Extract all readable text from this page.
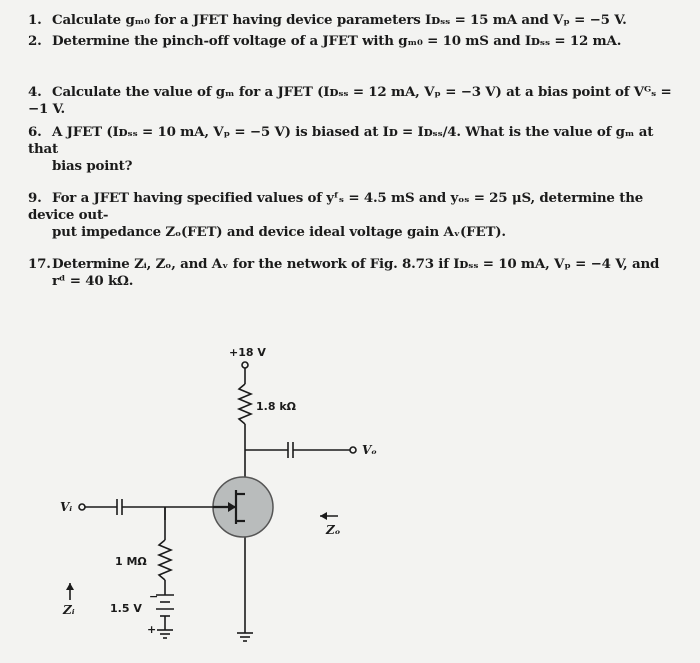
1. Calculate gₘ₀ for a JFET having device parameters Iᴅₛₛ = 15 mA and Vₚ = −5 V.
2. Determine the pinch-off voltage of a JFET with gₘ₀ = 10 mS and Iᴅₛₛ = 12 mA.
4. Calculate the value of gₘ for a JFET (Iᴅₛₛ = 12 mA, Vₚ = −3 V) at a bias point of Vᴳₛ = −1 V.
6. A JFET (Iᴅₛₛ = 10 mA, Vₚ = −5 V) is biased at Iᴅ = Iᴅₛₛ/4. What is the value of gₘ at that
bias point?
9. For a JFET having specified values of yᶠₛ = 4.5 mS and yₒₛ = 25 μS, determine the device out-
put impedance Zₒ(FET) and device ideal voltage gain Aᵥ(FET).
17.Determine Zᵢ, Zₒ, and Aᵥ for the network of Fig. 8.73 if Iᴅₛₛ = 10 mA, Vₚ = −4 V, and
rᵈ = 40 kΩ.
+18 V
1.8 kΩ
Vₒ
Vᵢ
1 MΩ
1.5 V
−
+
Zₒ
Zᵢ
